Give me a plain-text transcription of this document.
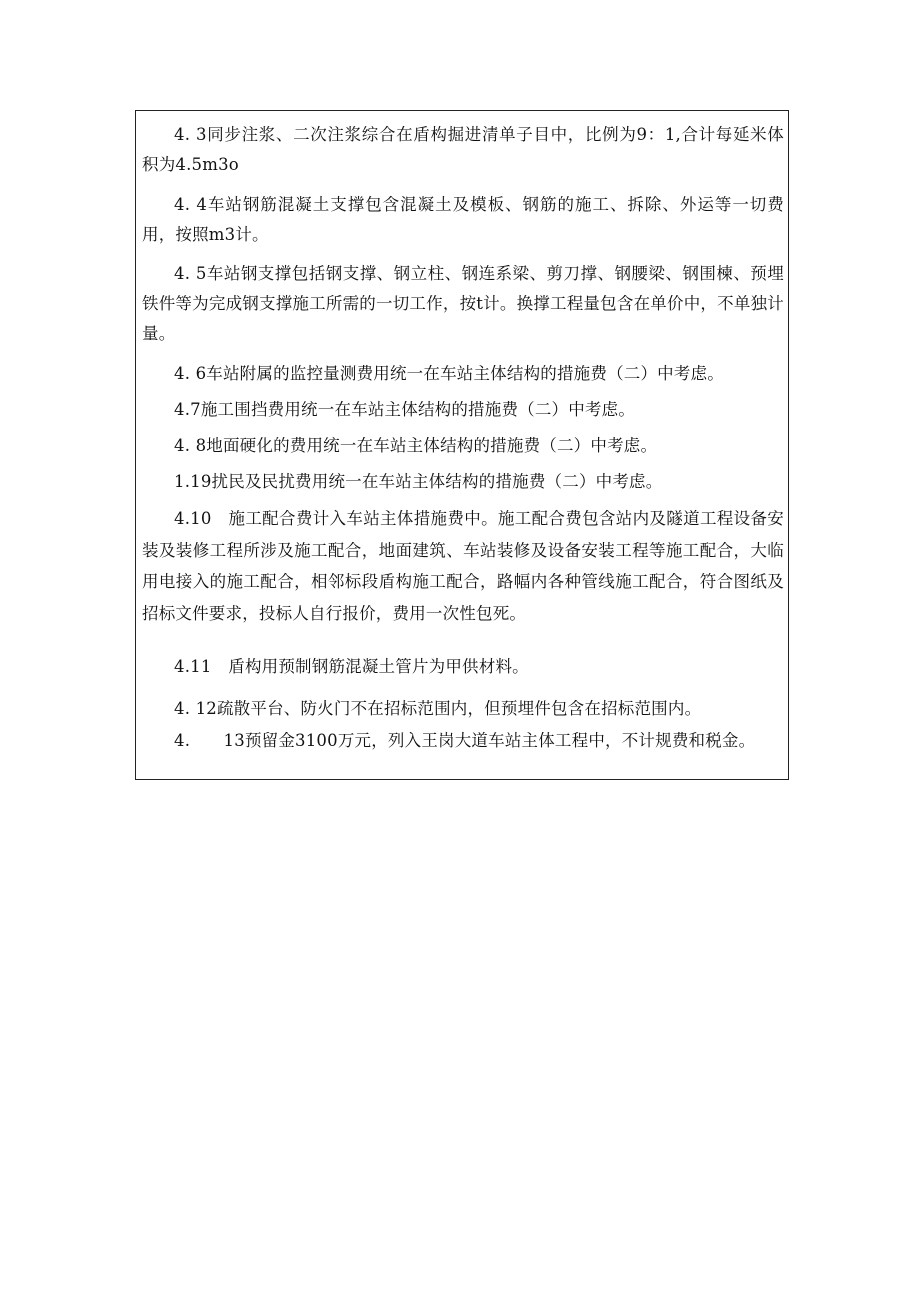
4. 3同步注浆、二次注浆综合在盾构掘进清单子目中，比例为9：1,合计每延米体积为4.5m3o

4. 4车站钢筋混凝土支撑包含混凝土及模板、钢筋的施工、拆除、外运等一切费用，按照m3计。

4. 5车站钢支撑包括钢支撑、钢立柱、钢连系梁、剪刀撑、钢腰梁、钢围楝、预埋铁件等为完成钢支撑施工所需的一切工作，按t计。换撑工程量包含在单价中，不单独计量。

4. 6车站附属的监控量测费用统一在车站主体结构的措施费（二）中考虑。

4.7施工围挡费用统一在车站主体结构的措施费（二）中考虑。

4. 8地面硬化的费用统一在车站主体结构的措施费（二）中考虑。

1.19扰民及民扰费用统一在车站主体结构的措施费（二）中考虑。

4.10　施工配合费计入车站主体措施费中。施工配合费包含站内及隧道工程设备安装及装修工程所涉及施工配合，地面建筑、车站装修及设备安装工程等施工配合，大临用电接入的施工配合，相邻标段盾构施工配合，路幅内各种管线施工配合，符合图纸及招标文件要求，投标人自行报价，费用一次性包死。

4.11　盾构用预制钢筋混凝土管片为甲供材料。

4. 12疏散平台、防火门不在招标范围内，但预埋件包含在招标范围内。

4.　　13预留金3100万元，列入王岗大道车站主体工程中，不计规费和税金。
